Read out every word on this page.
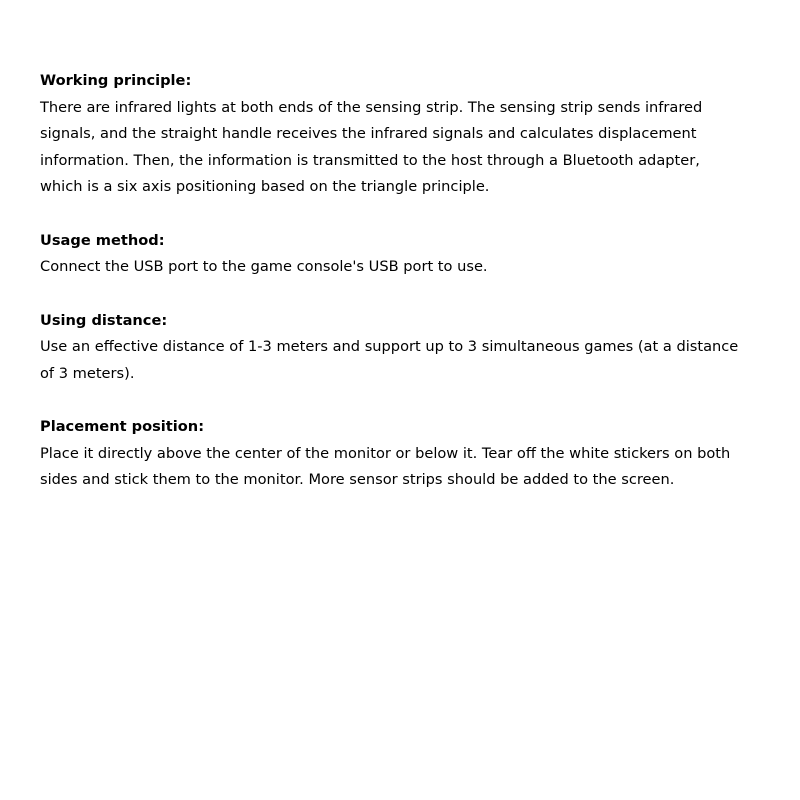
Working principle:
There are infrared lights at both ends of the sensing strip. The sensing strip sends infrared
signals, and the straight handle receives the infrared signals and calculates displacement
information. Then, the information is transmitted to the host through a Bluetooth adapter,
which is a six axis positioning based on the triangle principle.
Usage method:
Connect the USB port to the game console's USB port to use.
Using distance:
Use an effective distance of 1-3 meters and support up to 3 simultaneous games (at a distance
of 3 meters).
Placement position:
Place it directly above the center of the monitor or below it. Tear off the white stickers on both
sides and stick them to the monitor. More sensor strips should be added to the screen.
